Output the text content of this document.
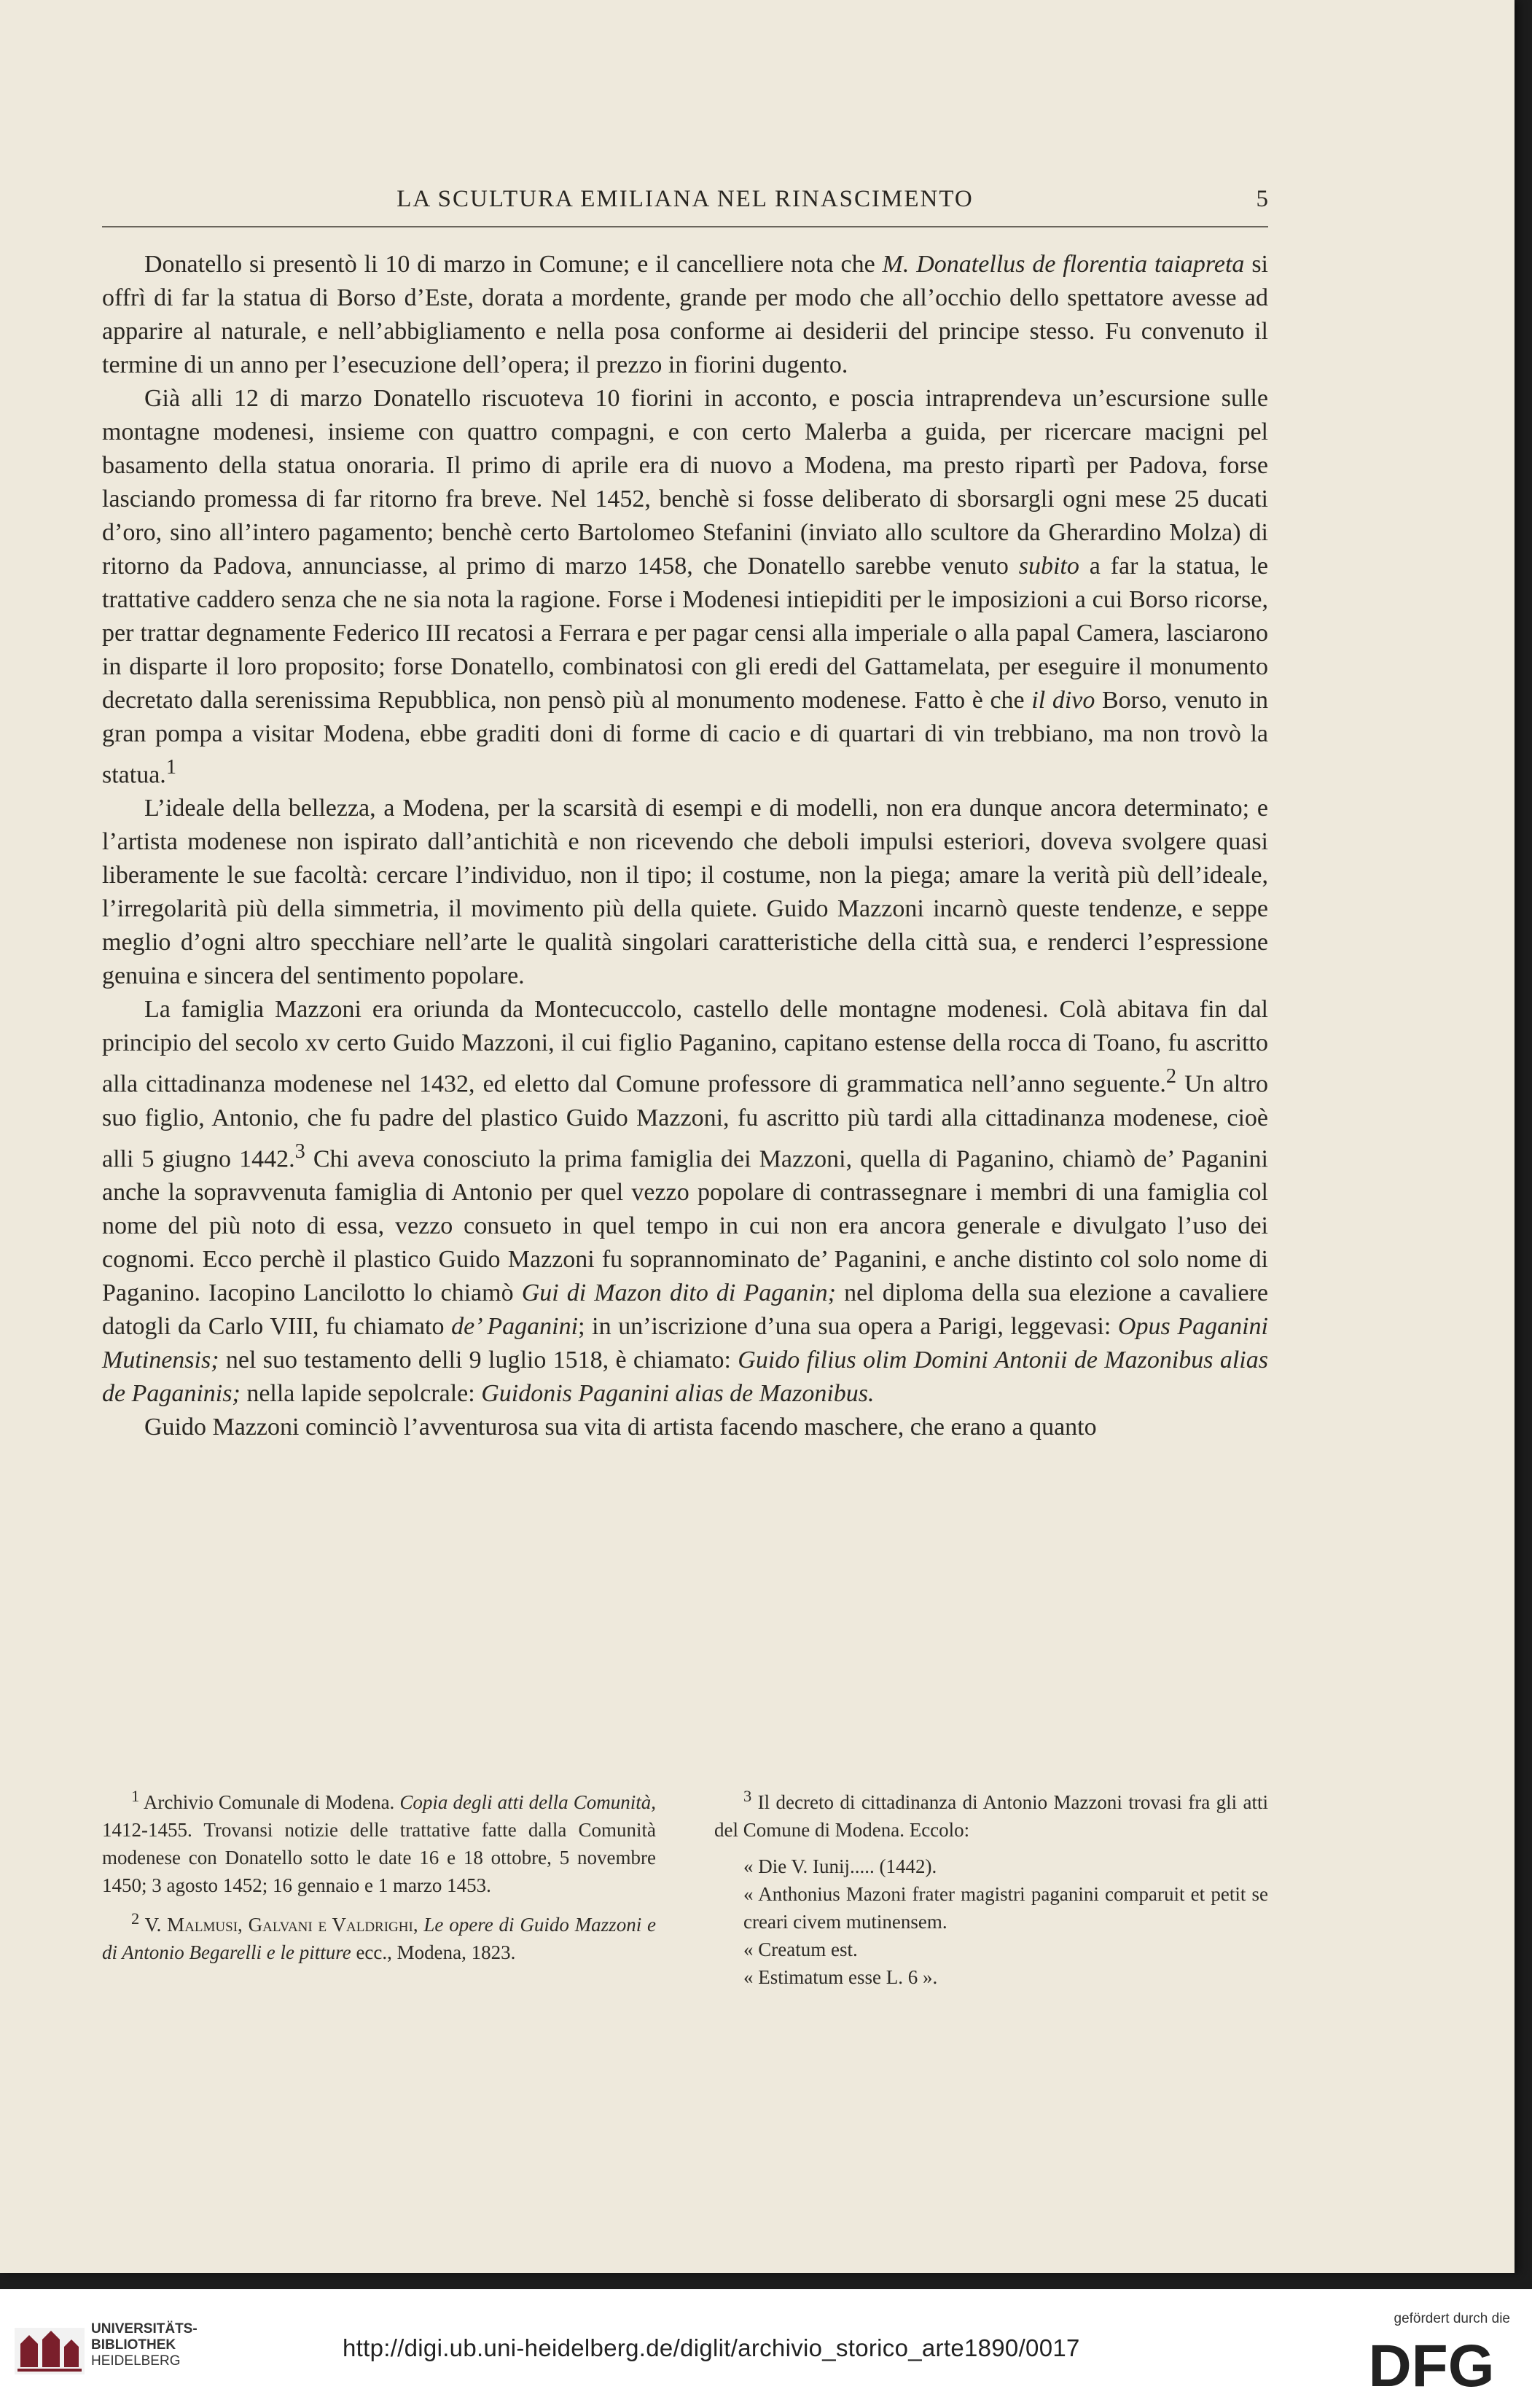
LA SCULTURA EMILIANA NEL RINASCIMENTO	5

Donatello si presentò li 10 di marzo in Comune; e il cancelliere nota che M. Donatellus de florentia taiapreta si offrì di far la statua di Borso d’Este, dorata a mordente, grande per modo che all’occhio dello spettatore avesse ad apparire al naturale, e nell’abbigliamento e nella posa conforme ai desiderii del principe stesso. Fu convenuto il termine di un anno per l’esecuzione dell’opera; il prezzo in fiorini dugento.

Già alli 12 di marzo Donatello riscuoteva 10 fiorini in acconto, e poscia intraprendeva un’escursione sulle montagne modenesi, insieme con quattro compagni, e con certo Malerba a guida, per ricercare macigni pel basamento della statua onoraria. Il primo di aprile era di nuovo a Modena, ma presto ripartì per Padova, forse lasciando promessa di far ritorno fra breve. Nel 1452, benchè si fosse deliberato di sborsargli ogni mese 25 ducati d’oro, sino all’intero pagamento; benchè certo Bartolomeo Stefanini (inviato allo scultore da Gherardino Molza) di ritorno da Padova, annunciasse, al primo di marzo 1458, che Donatello sarebbe venuto subito a far la statua, le trattative caddero senza che ne sia nota la ragione. Forse i Modenesi intiepiditi per le imposizioni a cui Borso ricorse, per trattar degnamente Federico III recatosi a Ferrara e per pagar censi alla imperiale o alla papal Camera, lasciarono in disparte il loro proposito; forse Donatello, combinatosi con gli eredi del Gattamelata, per eseguire il monumento decretato dalla serenissima Repubblica, non pensò più al monumento modenese. Fatto è che il divo Borso, venuto in gran pompa a visitar Modena, ebbe graditi doni di forme di cacio e di quartari di vin trebbiano, ma non trovò la statua.$^1$

L’ideale della bellezza, a Modena, per la scarsità di esempi e di modelli, non era dunque ancora determinato; e l’artista modenese non ispirato dall’antichità e non ricevendo che deboli impulsi esteriori, doveva svolgere quasi liberamente le sue facoltà: cercare l’individuo, non il tipo; il costume, non la piega; amare la verità più dell’ideale, l’irregolarità più della simmetria, il movimento più della quiete. Guido Mazzoni incarnò queste tendenze, e seppe meglio d’ogni altro specchiare nell’arte le qualità singolari caratteristiche della città sua, e renderci l’espressione genuina e sincera del sentimento popolare.

La famiglia Mazzoni era oriunda da Montecuccolo, castello delle montagne modenesi. Colà abitava fin dal principio del secolo xv certo Guido Mazzoni, il cui figlio Paganino, capitano estense della rocca di Toano, fu ascritto alla cittadinanza modenese nel 1432, ed eletto dal Comune professore di grammatica nell’anno seguente.$^2$ Un altro suo figlio, Antonio, che fu padre del plastico Guido Mazzoni, fu ascritto più tardi alla cittadinanza modenese, cioè alli 5 giugno 1442.$^3$ Chi aveva conosciuto la prima famiglia dei Mazzoni, quella di Paganino, chiamò de’ Paganini anche la sopravvenuta famiglia di Antonio per quel vezzo popolare di contrassegnare i membri di una famiglia col nome del più noto di essa, vezzo consueto in quel tempo in cui non era ancora generale e divulgato l’uso dei cognomi. Ecco perchè il plastico Guido Mazzoni fu soprannominato de’ Paganini, e anche distinto col solo nome di Paganino. Iacopino Lancilotto lo chiamò Gui di Mazon dito di Paganin; nel diploma della sua elezione a cavaliere datogli da Carlo VIII, fu chiamato de’ Paganini; in un’iscrizione d’una sua opera a Parigi, leggevasi: Opus Paganini Mutinensis; nel suo testamento delli 9 luglio 1518, è chiamato: Guido filius olim Domini Antonii de Mazonibus alias de Paganinis; nella lapide sepolcrale: Guidonis Paganini alias de Mazonibus.

Guido Mazzoni cominciò l’avventurosa sua vita di artista facendo maschere, che erano a quanto

$^1$ Archivio Comunale di Modena. Copia degli atti della Comunità, 1412-1455. Trovansi notizie delle trattative fatte dalla Comunità modenese con Donatello sotto le date 16 e 18 ottobre, 5 novembre 1450; 3 agosto 1452; 16 gennaio e 1 marzo 1453.

$^2$ V. Malmusi, Galvani e Valdrighi, Le opere di Guido Mazzoni e di Antonio Begarelli e le pitture ecc., Modena, 1823.

$^3$ Il decreto di cittadinanza di Antonio Mazzoni trovasi fra gli atti del Comune di Modena. Eccolo:

« Die V. Iunij..... (1442).

« Anthonius Mazoni frater magistri paganini comparuit et petit se creari civem mutinensem.

« Creatum est.

« Estimatum esse L. 6 ».

UNIVERSITÄTS-
BIBLIOTHEK
HEIDELBERG	http://digi.ub.uni-heidelberg.de/diglit/archivio_storico_arte1890/0017
gefördert durch die
DFG
